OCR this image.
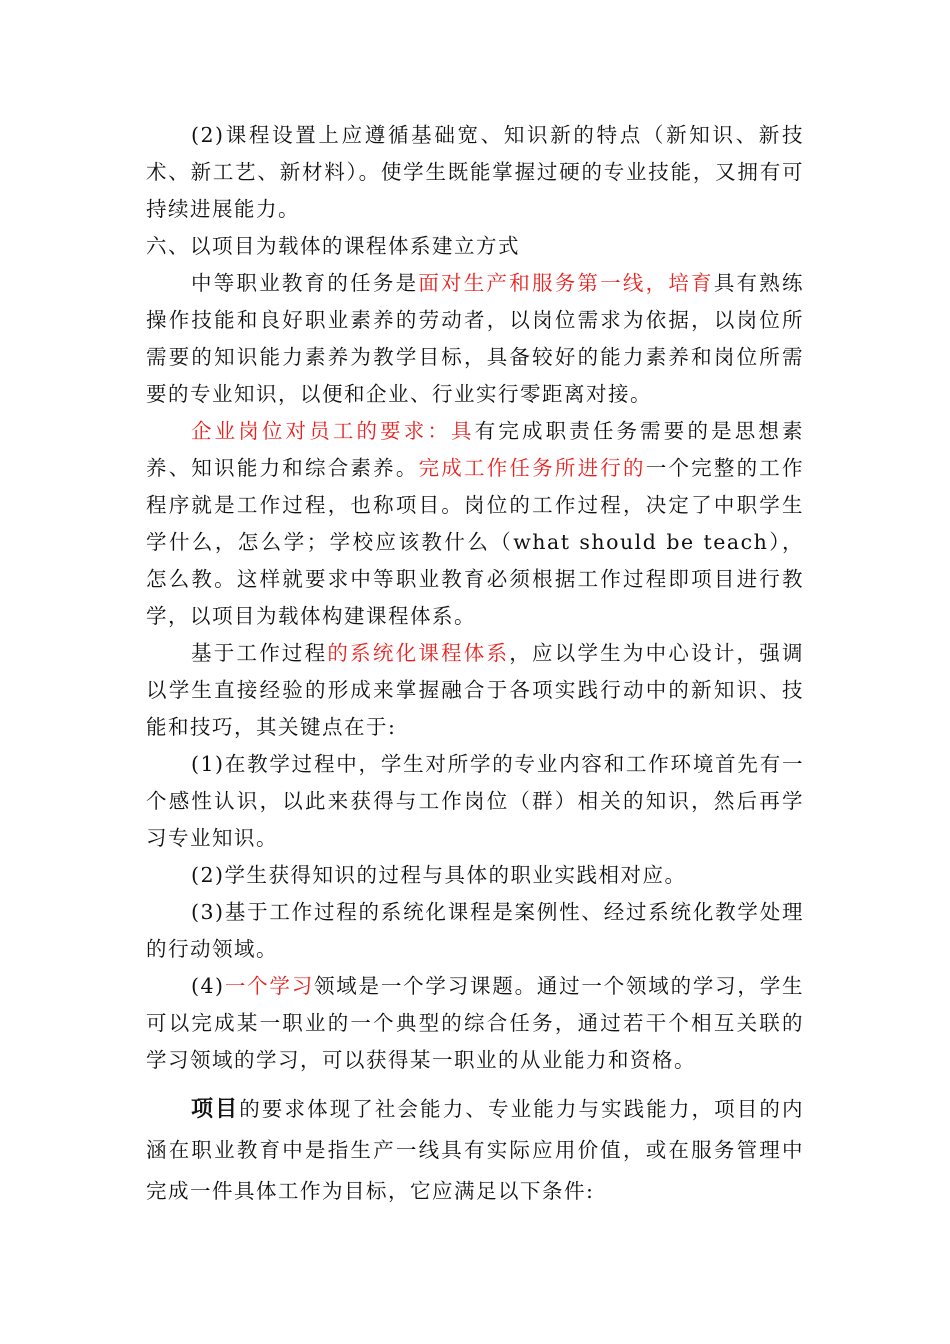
(2)课程设置上应遵循基础宽、知识新的特点（新知识、新技术、新工艺、新材料）。使学生既能掌握过硬的专业技能，又拥有可持续进展能力。

六、以项目为载体的课程体系建立方式

中等职业教育的任务是面对生产和服务第一线，培育具有熟练操作技能和良好职业素养的劳动者，以岗位需求为依据，以岗位所需要的知识能力素养为教学目标，具备较好的能力素养和岗位所需要的专业知识，以便和企业、行业实行零距离对接。

企业岗位对员工的要求：具有完成职责任务需要的是思想素养、知识能力和综合素养。完成工作任务所进行的一个完整的工作程序就是工作过程，也称项目。岗位的工作过程，决定了中职学生学什么，怎么学；学校应该教什么（what should be teach），怎么教。这样就要求中等职业教育必须根据工作过程即项目进行教学，以项目为载体构建课程体系。

基于工作过程的系统化课程体系，应以学生为中心设计，强调以学生直接经验的形成来掌握融合于各项实践行动中的新知识、技能和技巧，其关键点在于:

(1)在教学过程中，学生对所学的专业内容和工作环境首先有一个感性认识，以此来获得与工作岗位（群）相关的知识，然后再学习专业知识。

(2)学生获得知识的过程与具体的职业实践相对应。

(3)基于工作过程的系统化课程是案例性、经过系统化教学处理的行动领域。

(4)一个学习领域是一个学习课题。通过一个领域的学习，学生可以完成某一职业的一个典型的综合任务，通过若干个相互关联的学习领域的学习，可以获得某一职业的从业能力和资格。

项目的要求体现了社会能力、专业能力与实践能力，项目的内涵在职业教育中是指生产一线具有实际应用价值，或在服务管理中完成一件具体工作为目标，它应满足以下条件:
